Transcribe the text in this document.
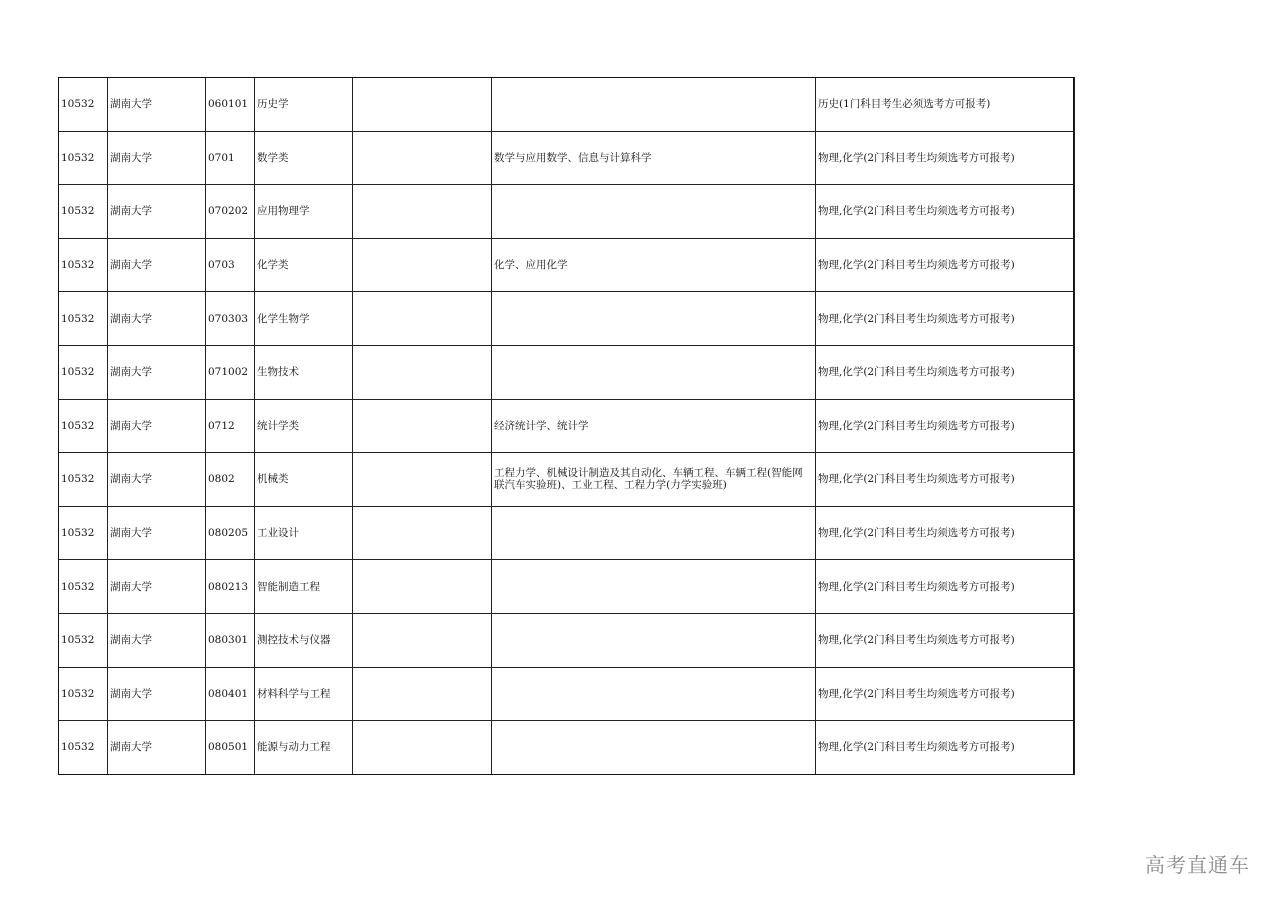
10532	湖南大学	060101	历史学			历史(1门科目考生必须选考方可报考)
10532	湖南大学	0701	数学类		数学与应用数学、信息与计算科学	物理,化学(2门科目考生均须选考方可报考)
10532	湖南大学	070202	应用物理学			物理,化学(2门科目考生均须选考方可报考)
10532	湖南大学	0703	化学类		化学、应用化学	物理,化学(2门科目考生均须选考方可报考)
10532	湖南大学	070303	化学生物学			物理,化学(2门科目考生均须选考方可报考)
10532	湖南大学	071002	生物技术			物理,化学(2门科目考生均须选考方可报考)
10532	湖南大学	0712	统计学类		经济统计学、统计学	物理,化学(2门科目考生均须选考方可报考)
10532	湖南大学	0802	机械类		工程力学、机械设计制造及其自动化、车辆工程、车辆工程(智能网联汽车实验班)、工业工程、工程力学(力学实验班)	物理,化学(2门科目考生均须选考方可报考)
10532	湖南大学	080205	工业设计			物理,化学(2门科目考生均须选考方可报考)
10532	湖南大学	080213	智能制造工程			物理,化学(2门科目考生均须选考方可报考)
10532	湖南大学	080301	测控技术与仪器			物理,化学(2门科目考生均须选考方可报考)
10532	湖南大学	080401	材料科学与工程			物理,化学(2门科目考生均须选考方可报考)
10532	湖南大学	080501	能源与动力工程			物理,化学(2门科目考生均须选考方可报考)
高考直通车
